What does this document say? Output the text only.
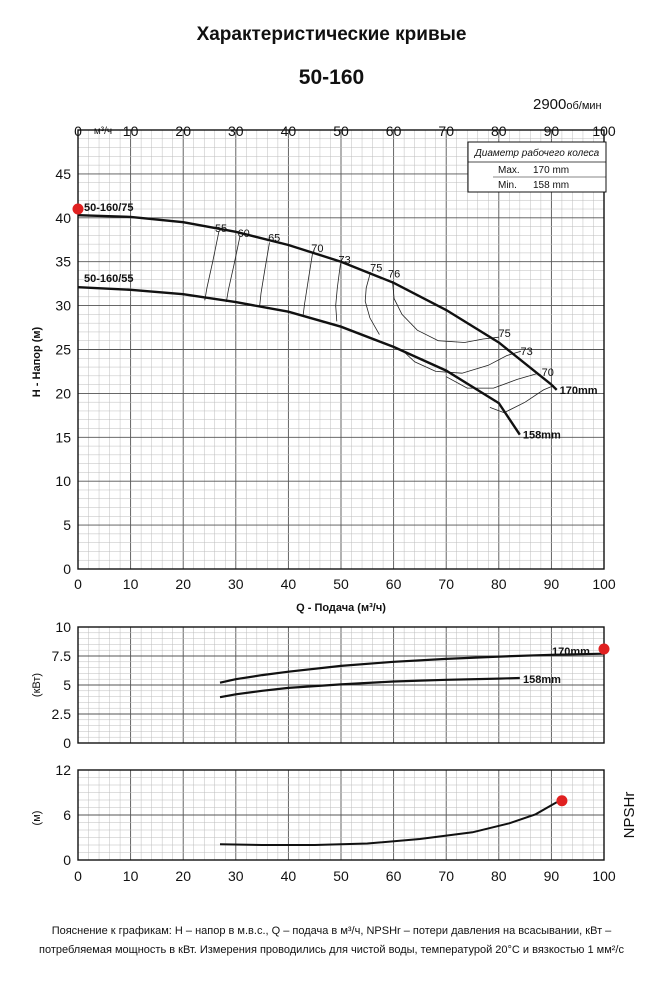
Характеристические кривые
50-160
2900об/мин
0
5
10
15
20
25
30
35
40
45
0	10	20	30	40	50	60	70	80	90 100
0	10	20	30	40	50	60	70	80	90 100
м³/ч
Q - Подача (м³/ч)
H - Напор (м)
55 60 65
70
73
75
76
75
73
70
50-160/75
50-160/55
170mm
158mm
Диаметр рабочего колеса
Max. 170 mm
Min. 158 mm
0
2.5
5
7.5
10
(кВт)
170mm
158mm
0
6
12
0	10	20	30	40	50	60	70	80	90 100
(м)	NPSHr
Пояснение к графикам: Н – напор в м.в.с., Q – подача в м³/ч, NPSHr – потери давления на всасывании, кВт – потребляемая мощность в кВт. Измерения проводились для чистой воды, температурой 20°C и вязкостью 1 мм²/с
